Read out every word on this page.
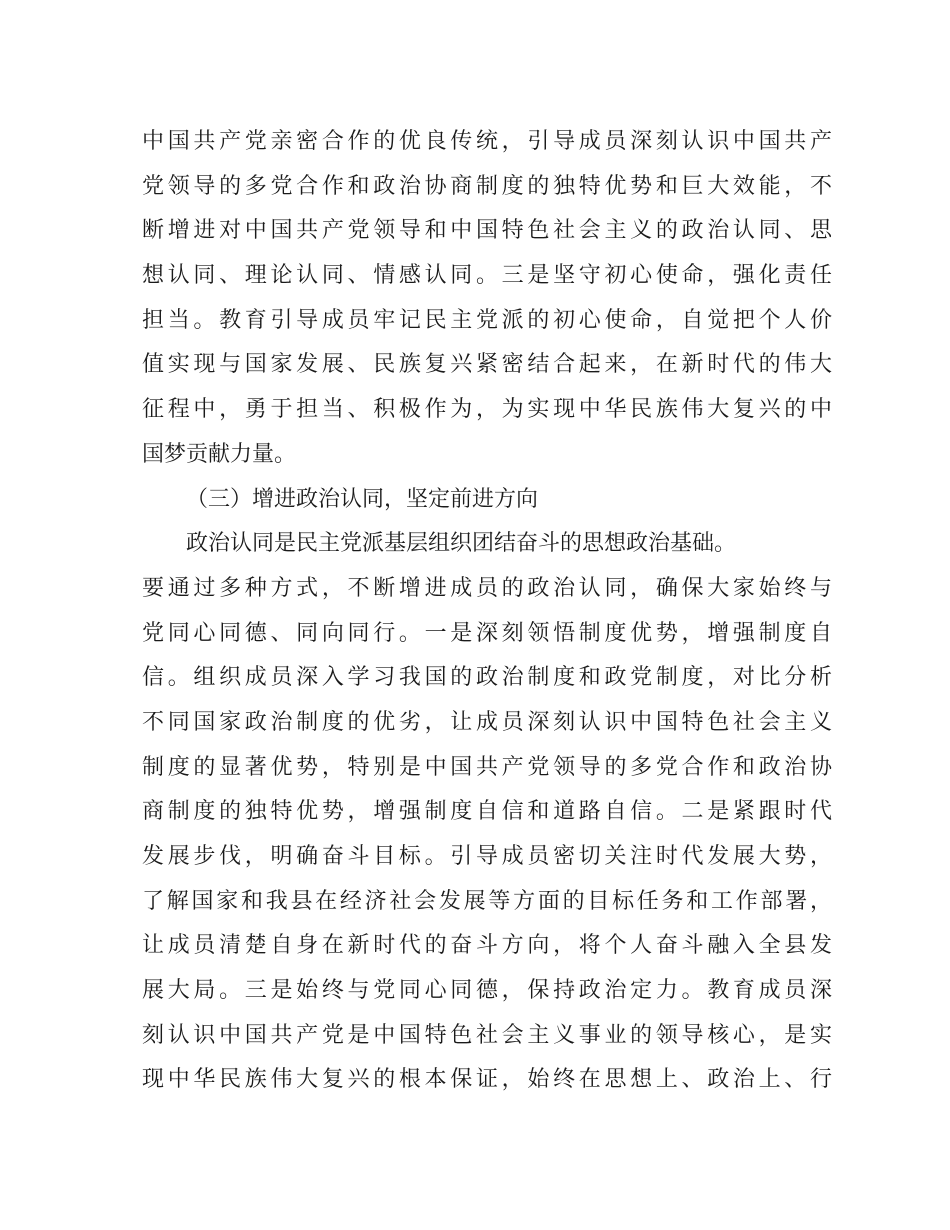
中国共产党亲密合作的优良传统，引导成员深刻认识中国共产
党领导的多党合作和政治协商制度的独特优势和巨大效能，不
断增进对中国共产党领导和中国特色社会主义的政治认同、思
想认同、理论认同、情感认同。三是坚守初心使命，强化责任
担当。教育引导成员牢记民主党派的初心使命，自觉把个人价
值实现与国家发展、民族复兴紧密结合起来，在新时代的伟大
征程中，勇于担当、积极作为，为实现中华民族伟大复兴的中
国梦贡献力量。
（三）增进政治认同，坚定前进方向
政治认同是民主党派基层组织团结奋斗的思想政治基础。
要通过多种方式，不断增进成员的政治认同，确保大家始终与
党同心同德、同向同行。一是深刻领悟制度优势，增强制度自
信。组织成员深入学习我国的政治制度和政党制度，对比分析
不同国家政治制度的优劣，让成员深刻认识中国特色社会主义
制度的显著优势，特别是中国共产党领导的多党合作和政治协
商制度的独特优势，增强制度自信和道路自信。二是紧跟时代
发展步伐，明确奋斗目标。引导成员密切关注时代发展大势，
了解国家和我县在经济社会发展等方面的目标任务和工作部署，
让成员清楚自身在新时代的奋斗方向，将个人奋斗融入全县发
展大局。三是始终与党同心同德，保持政治定力。教育成员深
刻认识中国共产党是中国特色社会主义事业的领导核心，是实
现中华民族伟大复兴的根本保证，始终在思想上、政治上、行
